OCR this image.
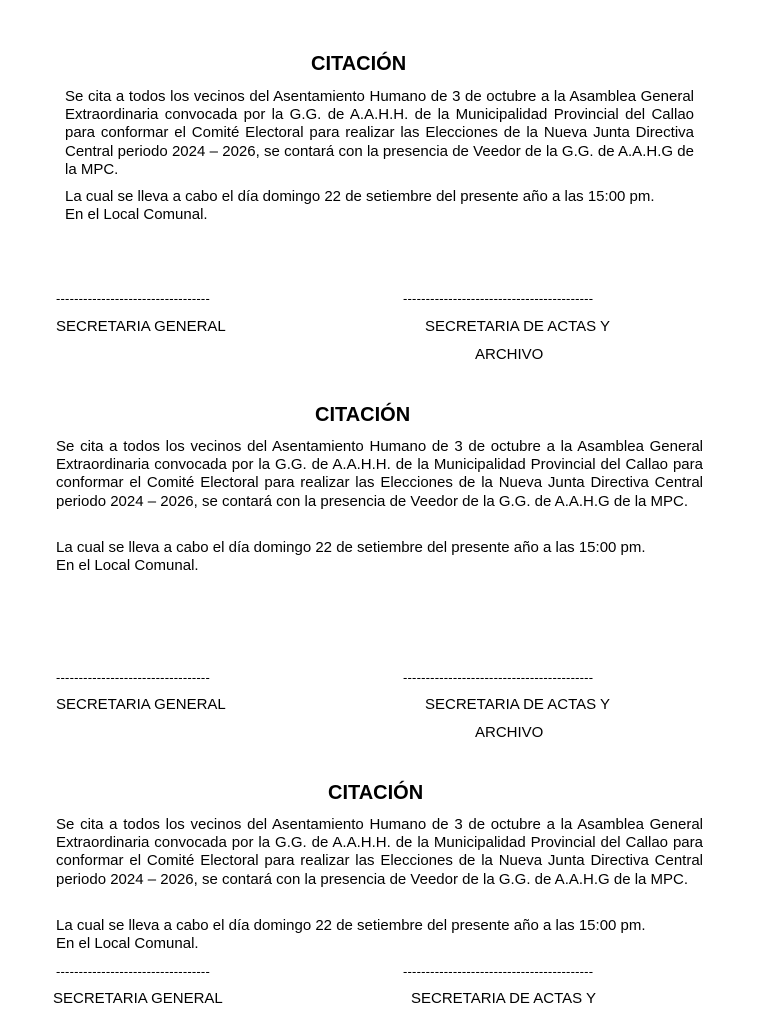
CITACIÓN

Se cita a todos los vecinos del Asentamiento Humano de 3 de octubre a la Asamblea General Extraordinaria convocada por la G.G. de A.A.H.H. de la Municipalidad Provincial del Callao para conformar el Comité Electoral para realizar las Elecciones de la Nueva Junta Directiva Central periodo 2024 – 2026, se contará con la presencia de Veedor de la G.G. de A.A.H.G de la MPC.

La cual se lleva a cabo el día domingo 22 de setiembre del presente año a las 15:00 pm.

En el Local Comunal.

----------------------------------	------------------------------------------

SECRETARIA GENERAL	SECRETARIA DE ACTAS Y

ARCHIVO

CITACIÓN

Se cita a todos los vecinos del Asentamiento Humano de 3 de octubre a la Asamblea General Extraordinaria convocada por la G.G. de A.A.H.H. de la Municipalidad Provincial del Callao para conformar el Comité Electoral para realizar las Elecciones de la Nueva Junta Directiva Central periodo 2024 – 2026, se contará con la presencia de Veedor de la G.G. de A.A.H.G de la MPC.

La cual se lleva a cabo el día domingo 22 de setiembre del presente año a las 15:00 pm.

En el Local Comunal.

----------------------------------	------------------------------------------

SECRETARIA GENERAL	SECRETARIA DE ACTAS Y

ARCHIVO

CITACIÓN

Se cita a todos los vecinos del Asentamiento Humano de 3 de octubre a la Asamblea General Extraordinaria convocada por la G.G. de A.A.H.H. de la Municipalidad Provincial del Callao para conformar el Comité Electoral para realizar las Elecciones de la Nueva Junta Directiva Central periodo 2024 – 2026, se contará con la presencia de Veedor de la G.G. de A.A.H.G de la MPC.

La cual se lleva a cabo el día domingo 22 de setiembre del presente año a las 15:00 pm.

En el Local Comunal.

----------------------------------	------------------------------------------

SECRETARIA GENERAL	SECRETARIA DE ACTAS Y
